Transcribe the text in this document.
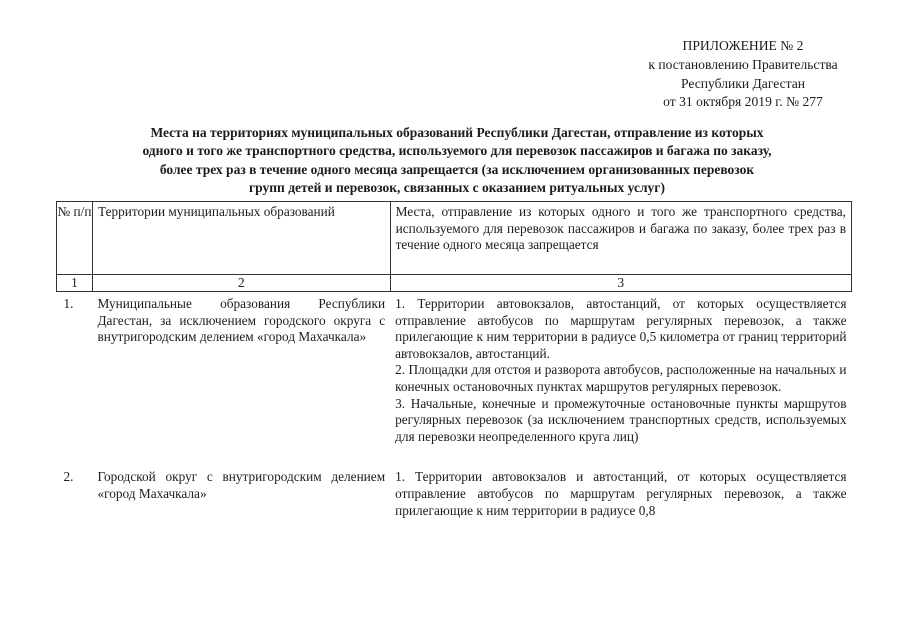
ПРИЛОЖЕНИЕ № 2
к постановлению Правительства
Республики Дагестан
от 31 октября 2019 г. № 277
Места на территориях муниципальных образований Республики Дагестан, отправление из которых
одного и того же транспортного средства, используемого для перевозок пассажиров и багажа по заказу,
более трех раз в течение одного месяца запрещается (за исключением организованных перевозок
групп детей и перевозок, связанных с оказанием ритуальных услуг)
№ п/п	Территории муниципальных образований	Места, отправление из которых одного и того же транспортного средства, используемого для перевозок пассажиров и багажа по заказу, более трех раз в течение одного месяца запрещается
1	2	3
1.	Муниципальные образования Республики Дагестан, за исключением городского округа с внутригородским делением «город Махачкала»	1. Территории автовокзалов, автостанций, от которых осуществляется отправление автобусов по маршрутам регулярных перевозок, а также прилегающие к ним территории в радиусе 0,5 километра от границ территорий автовокзалов, автостанций.
2. Площадки для отстоя и разворота автобусов, расположенные на начальных и конечных остановочных пунктах маршрутов регулярных перевозок.
3. Начальные, конечные и промежуточные остановочные пункты маршрутов регулярных перевозок (за исключением транспортных средств, используемых для перевозки неопределенного круга лиц)

2.	Городской округ с внутригородским делением «город Махачкала»	1. Территории автовокзалов и автостанций, от которых осуществляется отправление автобусов по маршрутам регулярных перевозок, а также прилегающие к ним территории в радиусе 0,8
